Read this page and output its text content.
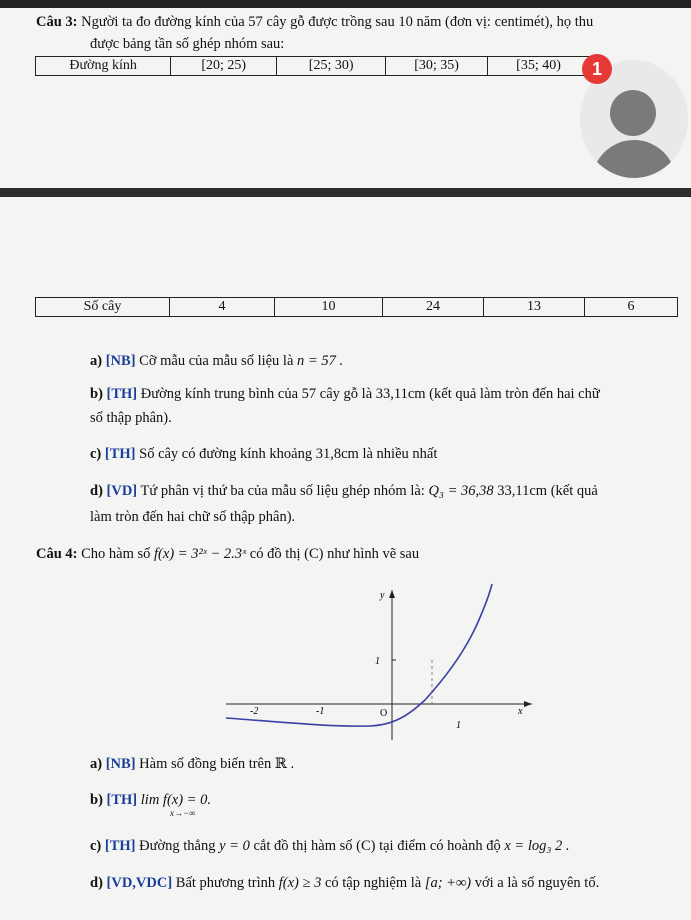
Câu 3: Người ta đo đường kính của 57 cây gỗ được trồng sau 10 năm (đơn vị: centimét), họ thu
được bảng tần số ghép nhóm sau:
Đường kính	[20; 25)	[25; 30)	[30; 35)	[35; 40)	1
Số cây	4	10	24	13	6
a) [NB] Cỡ mẫu của mẫu số liệu là n = 57 .
b) [TH] Đường kính trung bình của 57 cây gỗ là 33,11cm (kết quả làm tròn đến hai chữ
số thập phân).
c) [TH] Số cây có đường kính khoảng 31,8cm là nhiều nhất
d) [VD] Tứ phân vị thứ ba của mẫu số liệu ghép nhóm là: Q₃ = 36,38 33,11cm (kết quả
làm tròn đến hai chữ số thập phân).
Câu 4: Cho hàm số f(x) = 3²ˣ − 2.3ˣ có đồ thị (C) như hình vẽ sau
y
x
1
-2	-1	O
1
a) [NB] Hàm số đồng biến trên ℝ .
b) [TH] lim f(x) = 0.
x→−∞
c) [TH] Đường thẳng y = 0 cắt đồ thị hàm số (C) tại điểm có hoành độ x = log₃ 2 .
d) [VD,VDC] Bất phương trình f(x) ≥ 3 có tập nghiệm là [a; +∞) với a là số nguyên tố.
